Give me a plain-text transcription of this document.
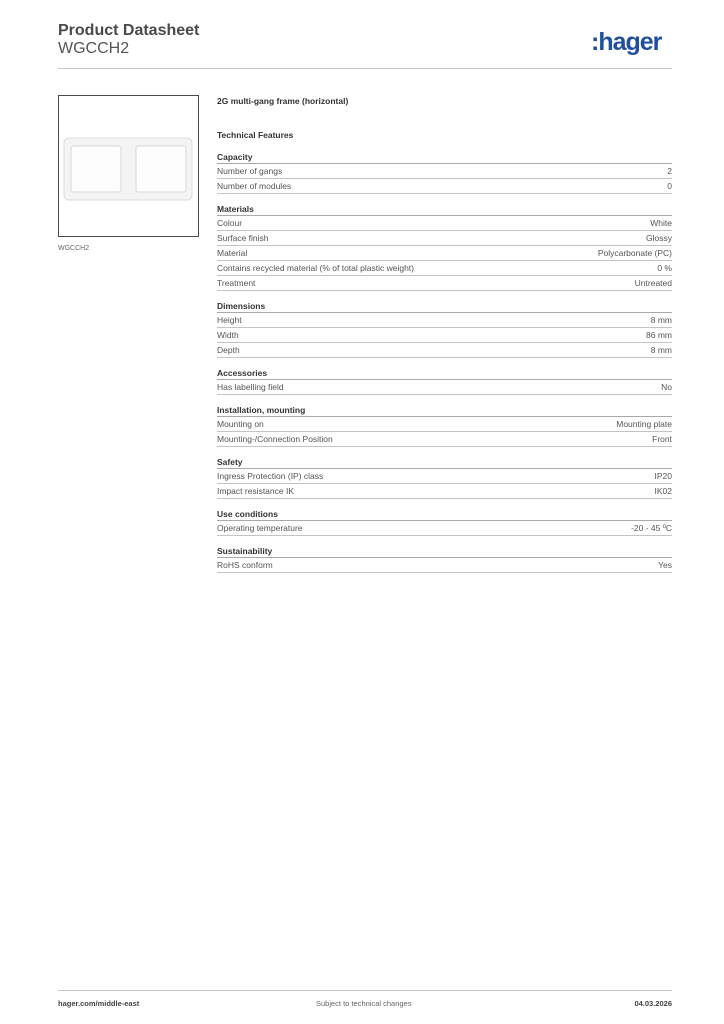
Product Datasheet
WGCCH2	:hager
WGCCH2
2G multi-gang frame (horizontal)
Technical Features
Capacity
Number of gangs	2
Number of modules	0
Materials
Colour	White
Surface finish	Glossy
Material	Polycarbonate (PC)
Contains recycled material (% of total plastic weight)	0 %
Treatment	Untreated
Dimensions
Height	8 mm
Width	86 mm
Depth	8 mm
Accessories
Has labelling field	No
Installation, mounting
Mounting on	Mounting plate
Mounting-/Connection Position	Front
Safety
Ingress Protection (IP) class	IP20
Impact resistance IK	IK02
Use conditions
Operating temperature	-20 - 45 ºC
Sustainability
RoHS conform	Yes
hager.com/middle-east	Subject to technical changes	04.03.2026
